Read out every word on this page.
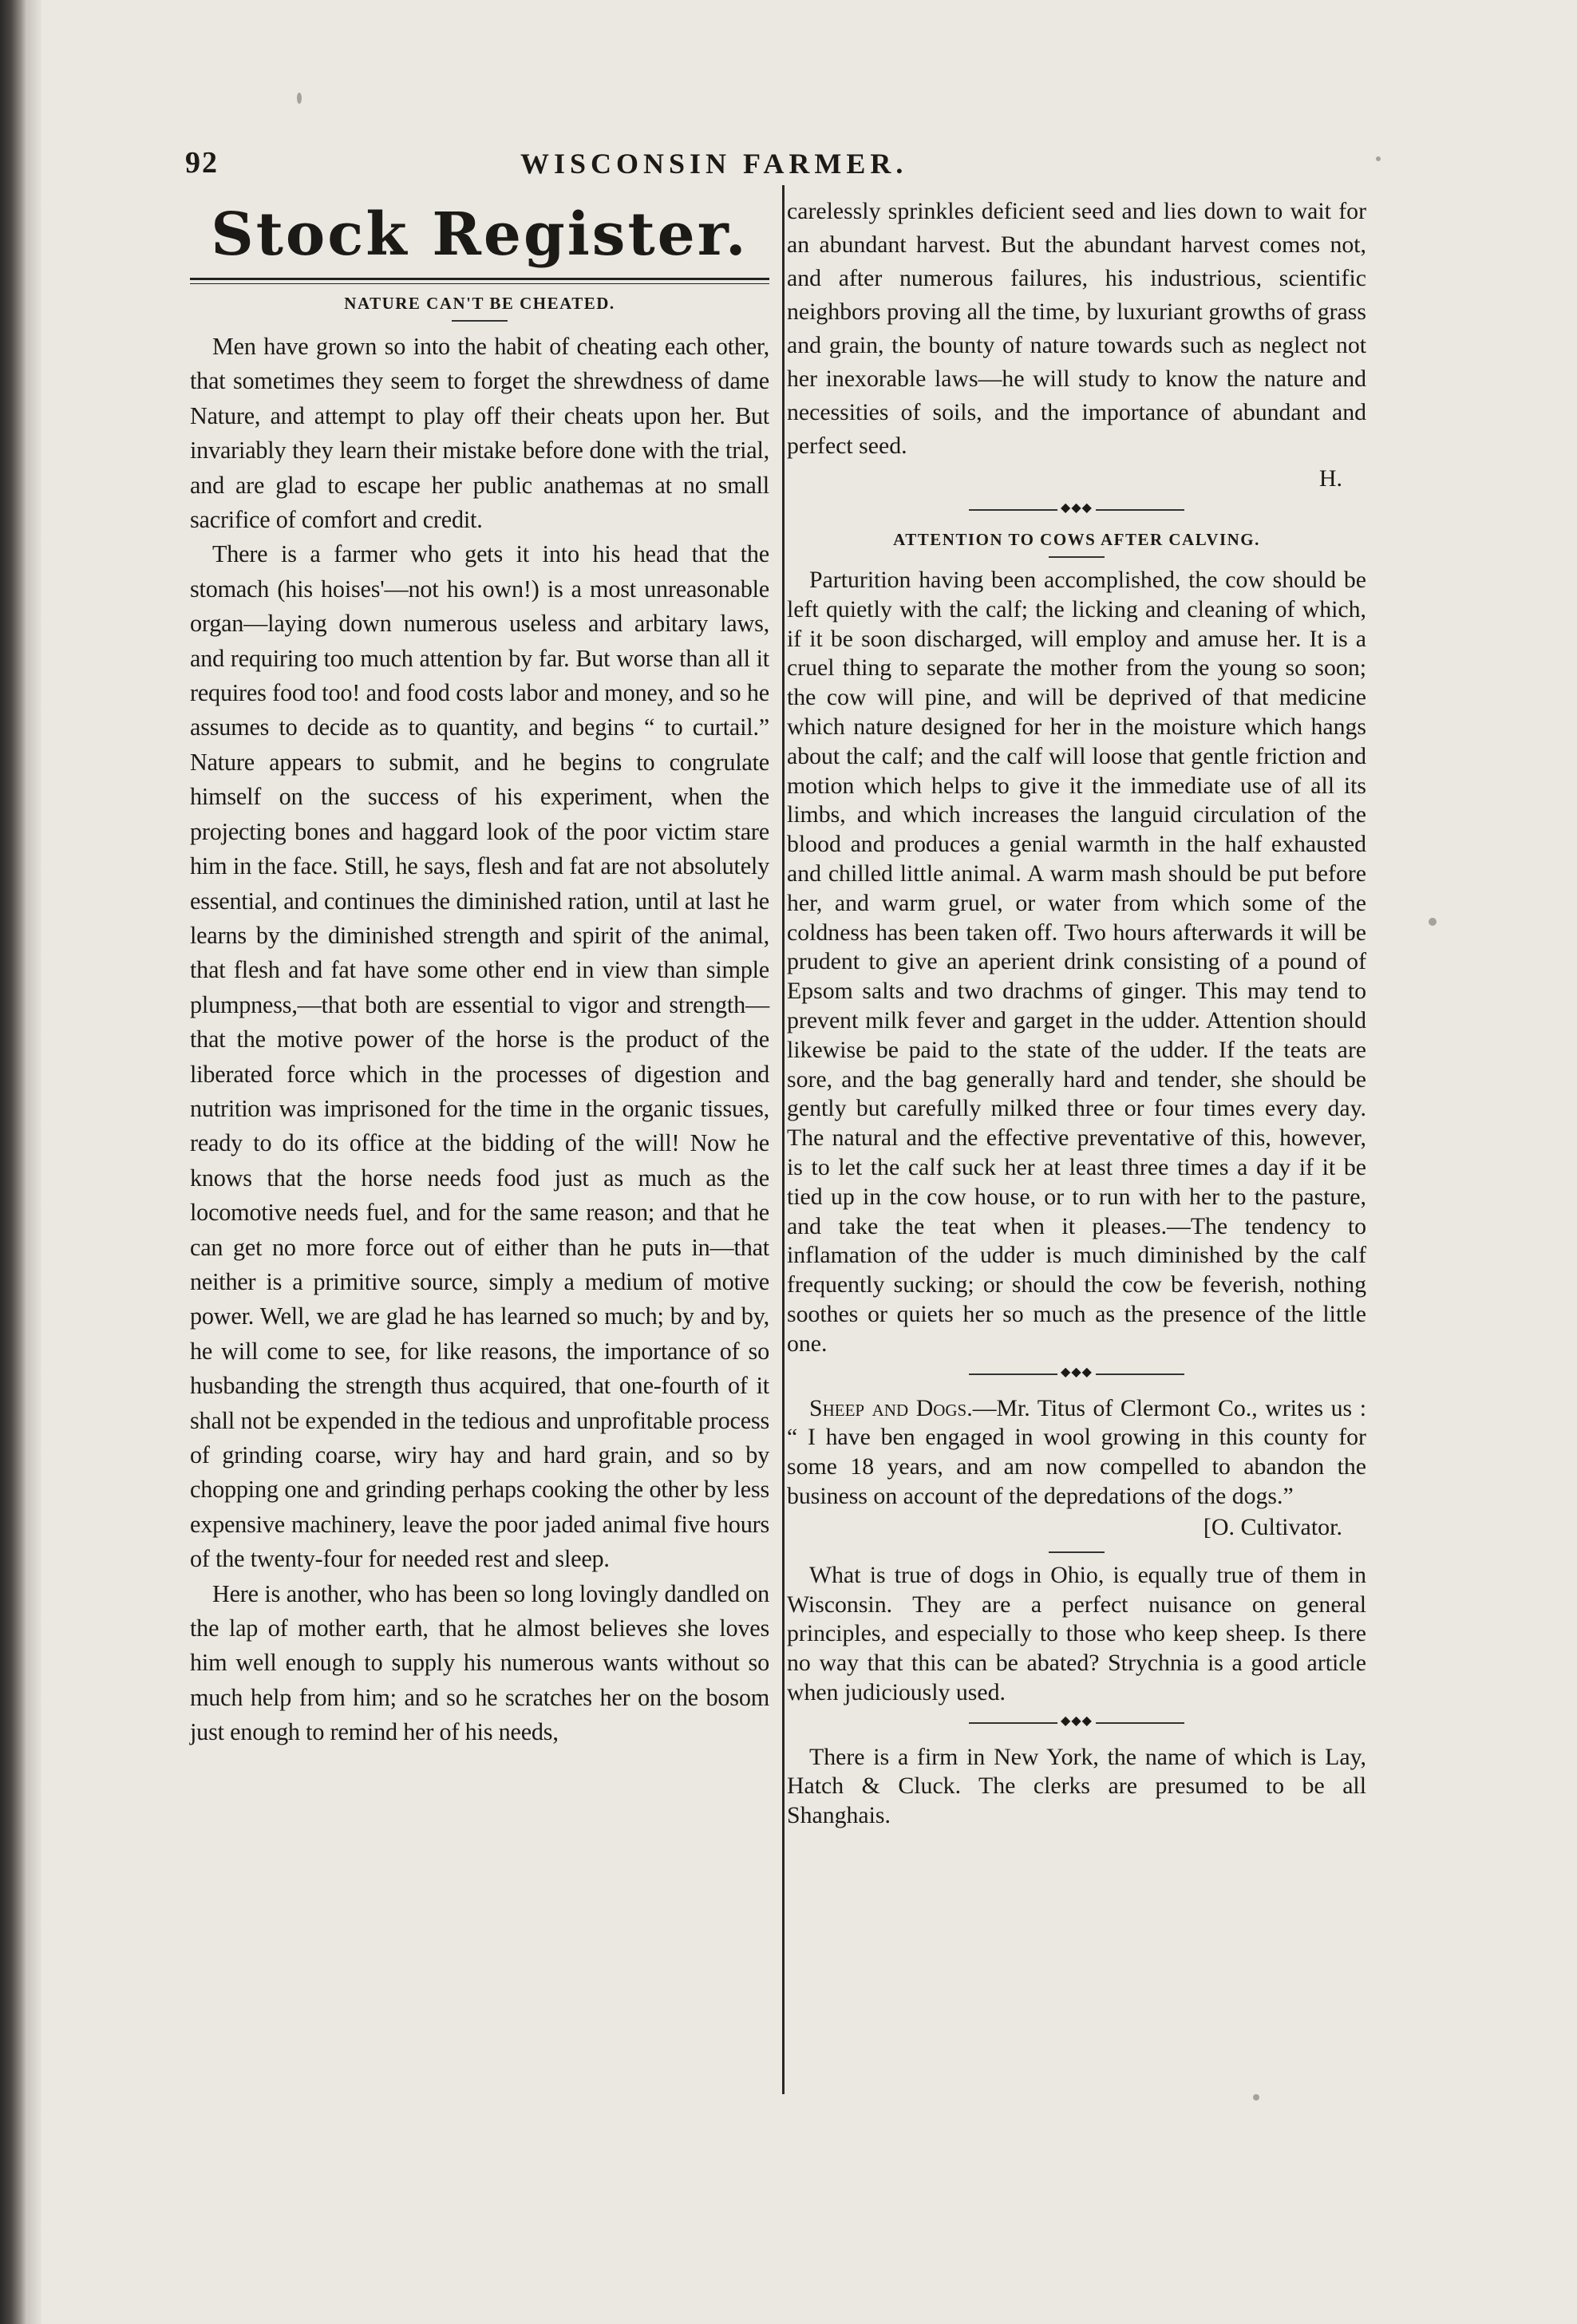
92	WISCONSIN FARMER.
Stock Register.
NATURE CAN'T BE CHEATED.

Men have grown so into the habit of cheating each other, that sometimes they seem to forget the shrewdness of dame Nature, and attempt to play off their cheats upon her. But invariably they learn their mistake before done with the trial, and are glad to escape her public anathemas at no small sacrifice of comfort and credit.

There is a farmer who gets it into his head that the stomach (his hoises'—not his own!) is a most unreasonable organ—laying down numerous useless and arbitary laws, and requiring too much attention by far. But worse than all it requires food too! and food costs labor and money, and so he assumes to decide as to quantity, and begins “ to curtail.” Nature appears to submit, and he begins to congrulate himself on the success of his experiment, when the projecting bones and haggard look of the poor victim stare him in the face. Still, he says, flesh and fat are not absolutely essential, and continues the diminished ration, until at last he learns by the diminished strength and spirit of the animal, that flesh and fat have some other end in view than simple plumpness,—that both are essential to vigor and strength—that the motive power of the horse is the product of the liberated force which in the processes of digestion and nutrition was imprisoned for the time in the organic tissues, ready to do its office at the bidding of the will! Now he knows that the horse needs food just as much as the locomotive needs fuel, and for the same reason; and that he can get no more force out of either than he puts in—that neither is a primitive source, simply a medium of motive power. Well, we are glad he has learned so much; by and by, he will come to see, for like reasons, the importance of so husbanding the strength thus acquired, that one-fourth of it shall not be expended in the tedious and unprofitable process of grinding coarse, wiry hay and hard grain, and so by chopping one and grinding perhaps cooking the other by less expensive machinery, leave the poor jaded animal five hours of the twenty-four for needed rest and sleep.

Here is another, who has been so long lovingly dandled on the lap of mother earth, that he almost believes she loves him well enough to supply his numerous wants without so much help from him; and so he scratches her on the bosom just enough to remind her of his needs,

carelessly sprinkles deficient seed and lies down to wait for an abundant harvest. But the abundant harvest comes not, and after numerous failures, his industrious, scientific neighbors proving all the time, by luxuriant growths of grass and grain, the bounty of nature towards such as neglect not her inexorable laws—he will study to know the nature and necessities of soils, and the importance of abundant and perfect seed.

H.
◆◆◆
ATTENTION TO COWS AFTER CALVING.

Parturition having been accomplished, the cow should be left quietly with the calf; the licking and cleaning of which, if it be soon discharged, will employ and amuse her. It is a cruel thing to separate the mother from the young so soon; the cow will pine, and will be deprived of that medicine which nature designed for her in the moisture which hangs about the calf; and the calf will loose that gentle friction and motion which helps to give it the immediate use of all its limbs, and which increases the languid circulation of the blood and produces a genial warmth in the half exhausted and chilled little animal. A warm mash should be put before her, and warm gruel, or water from which some of the coldness has been taken off. Two hours afterwards it will be prudent to give an aperient drink consisting of a pound of Epsom salts and two drachms of ginger. This may tend to prevent milk fever and garget in the udder. Attention should likewise be paid to the state of the udder. If the teats are sore, and the bag generally hard and tender, she should be gently but carefully milked three or four times every day. The natural and the effective preventative of this, however, is to let the calf suck her at least three times a day if it be tied up in the cow house, or to run with her to the pasture, and take the teat when it pleases.—The tendency to inflamation of the udder is much diminished by the calf frequently sucking; or should the cow be feverish, nothing soothes or quiets her so much as the presence of the little one.

◆◆◆

Sheep and Dogs.—Mr. Titus of Clermont Co., writes us : “ I have ben engaged in wool growing in this county for some 18 years, and am now compelled to abandon the business on account of the depredations of the dogs.”

[O. Cultivator.

What is true of dogs in Ohio, is equally true of them in Wisconsin. They are a perfect nuisance on general principles, and especially to those who keep sheep. Is there no way that this can be abated? Strychnia is a good article when judiciously used.

◆◆◆

There is a firm in New York, the name of which is Lay, Hatch & Cluck. The clerks are presumed to be all Shanghais.
